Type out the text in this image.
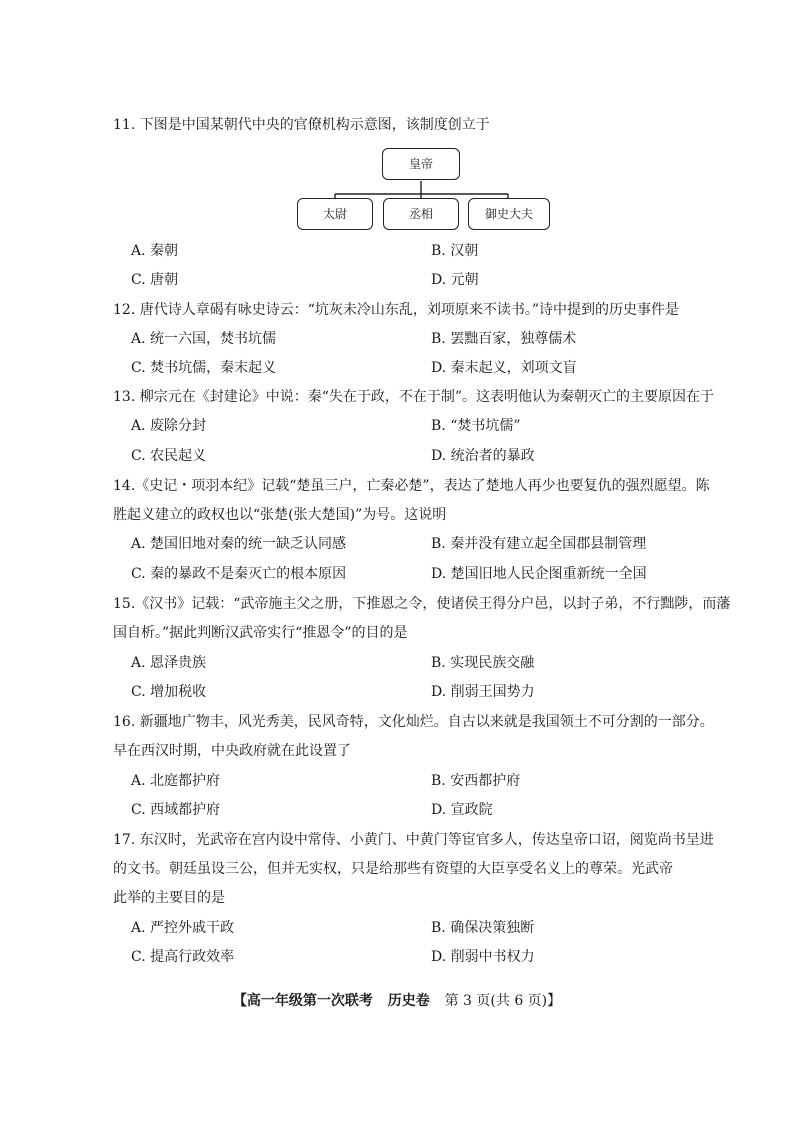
11. 下图是中国某朝代中央的官僚机构示意图，该制度创立于
皇帝
太尉	丞相	御史大夫
A. 秦朝	B. 汉朝
C. 唐朝	D. 元朝
12. 唐代诗人章碣有咏史诗云：“坑灰未冷山东乱，刘项原来不读书。”诗中提到的历史事件是
A. 统一六国，焚书坑儒	B. 罢黜百家，独尊儒术
C. 焚书坑儒，秦末起义	D. 秦末起义，刘项文盲
13. 柳宗元在《封建论》中说：秦“失在于政，不在于制”。这表明他认为秦朝灭亡的主要原因在于
A. 废除分封	B. “焚书坑儒”
C. 农民起义	D. 统治者的暴政
14.《史记・项羽本纪》记载“楚虽三户，亡秦必楚”，表达了楚地人再少也要复仇的强烈愿望。陈
胜起义建立的政权也以“张楚(张大楚国)”为号。这说明
A. 楚国旧地对秦的统一缺乏认同感	B. 秦并没有建立起全国郡县制管理
C. 秦的暴政不是秦灭亡的根本原因	D. 楚国旧地人民企图重新统一全国
15.《汉书》记载：“武帝施主父之册，下推恩之令，使诸侯王得分户邑，以封子弟，不行黜陟，而藩
国自析。”据此判断汉武帝实行“推恩令”的目的是
A. 恩泽贵族	B. 实现民族交融
C. 增加税收	D. 削弱王国势力
16. 新疆地广物丰，风光秀美，民风奇特，文化灿烂。自古以来就是我国领土不可分割的一部分。
早在西汉时期，中央政府就在此设置了
A. 北庭都护府	B. 安西都护府
C. 西域都护府	D. 宣政院
17. 东汉时，光武帝在宫内设中常侍、小黄门、中黄门等宦官多人，传达皇帝口诏，阅览尚书呈进
的文书。朝廷虽设三公，但并无实权，只是给那些有资望的大臣享受名义上的尊荣。光武帝
此举的主要目的是
A. 严控外戚干政	B. 确保决策独断
C. 提高行政效率	D. 削弱中书权力
【高一年级第一次联考 历史卷 第 3 页(共 6 页)】
